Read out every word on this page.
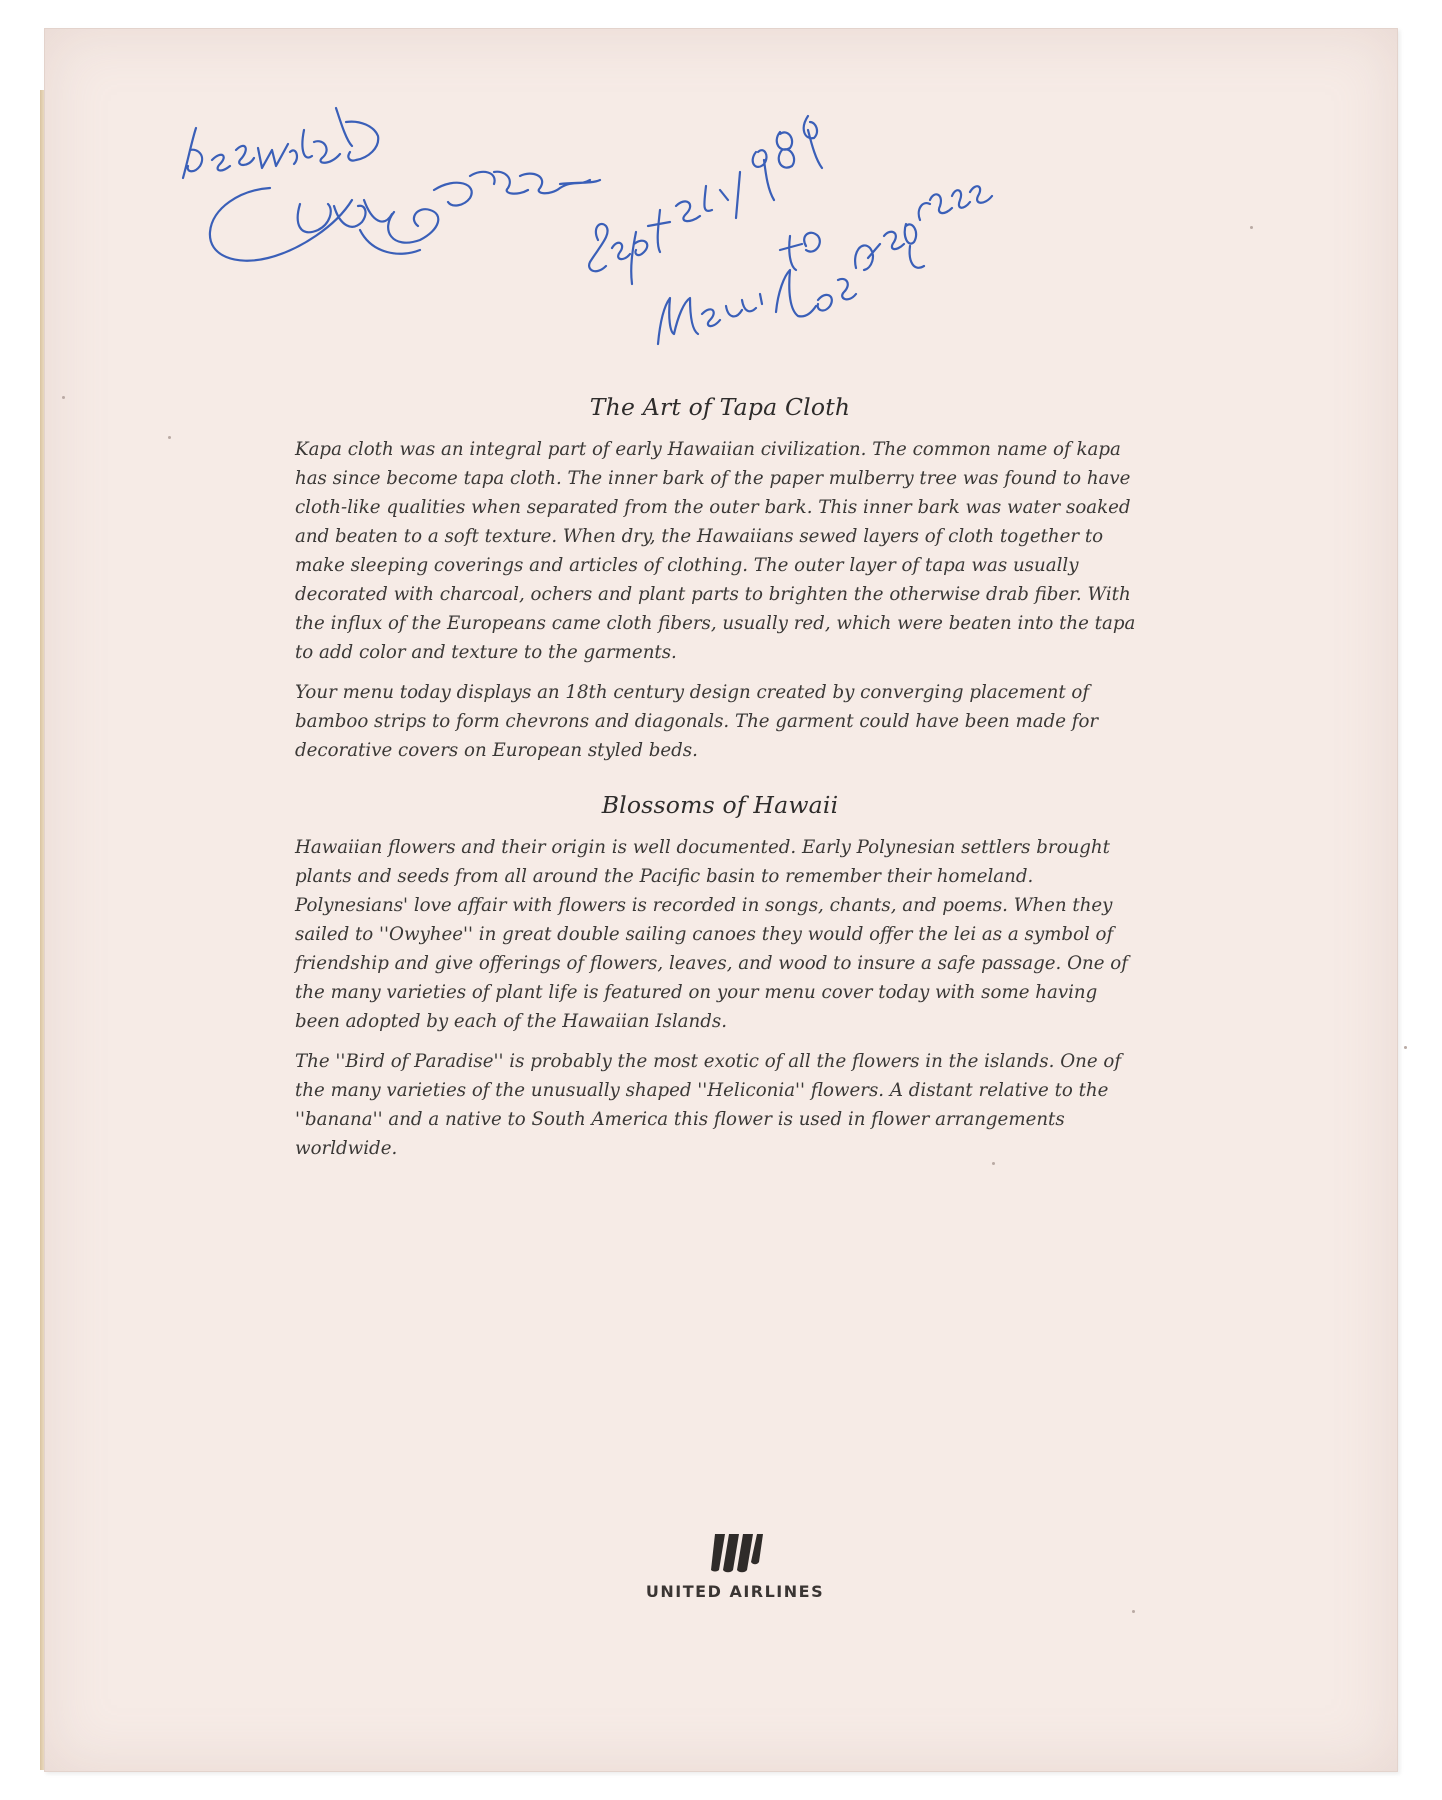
The Art of Tapa Cloth

Kapa cloth was an integral part of early Hawaiian civilization. The common name of kapa has since become tapa cloth. The inner bark of the paper mulberry tree was found to have cloth-like qualities when separated from the outer bark. This inner bark was water soaked and beaten to a soft texture. When dry, the Hawaiians sewed layers of cloth together to make sleeping coverings and articles of clothing. The outer layer of tapa was usually decorated with charcoal, ochers and plant parts to brighten the otherwise drab fiber. With the influx of the Europeans came cloth fibers, usually red, which were beaten into the tapa to add color and texture to the garments.

Your menu today displays an 18th century design created by converging placement of bamboo strips to form chevrons and diagonals. The garment could have been made for decorative covers on European styled beds.

Blossoms of Hawaii

Hawaiian flowers and their origin is well documented. Early Polynesian settlers brought plants and seeds from all around the Pacific basin to remember their homeland. Polynesians' love affair with flowers is recorded in songs, chants, and poems. When they sailed to ''Owyhee'' in great double sailing canoes they would offer the lei as a symbol of friendship and give offerings of flowers, leaves, and wood to insure a safe passage. One of the many varieties of plant life is featured on your menu cover today with some having been adopted by each of the Hawaiian Islands.

The ''Bird of Paradise'' is probably the most exotic of all the flowers in the islands. One of the many varieties of the unusually shaped ''Heliconia'' flowers. A distant relative to the ''banana'' and a native to South America this flower is used in flower arrangements worldwide.

UNITED AIRLINES
